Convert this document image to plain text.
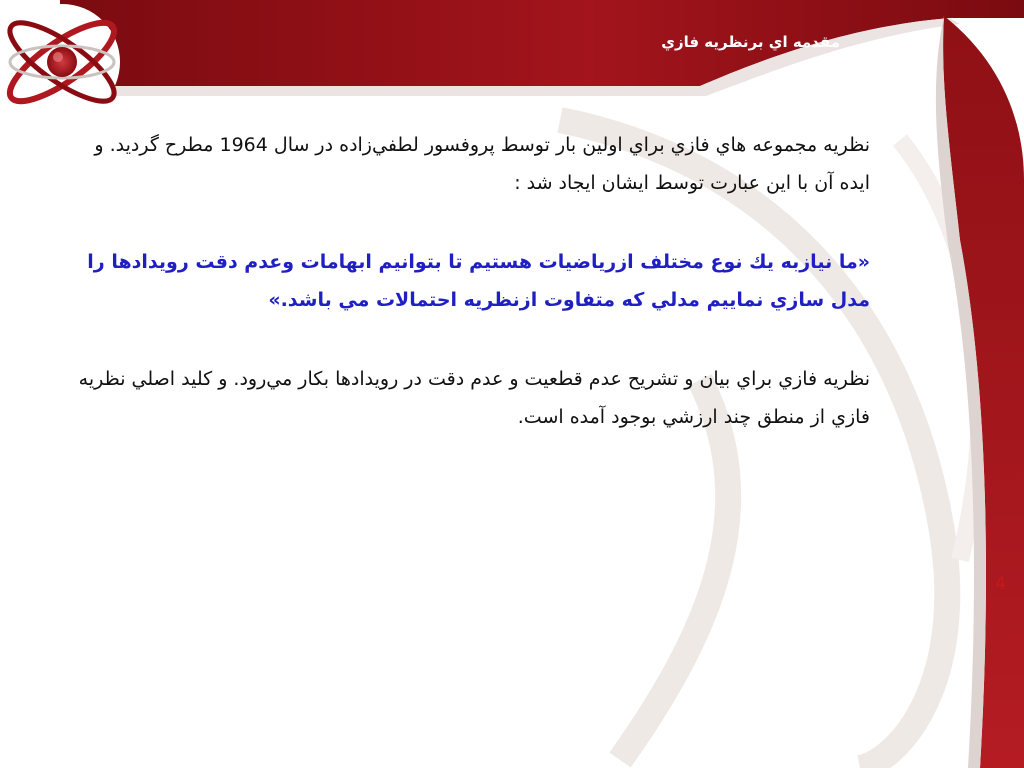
مقدمه اي برنظريه فازي

نظريه مجموعه هاي فازي براي اولين بار توسط پروفسور لطفي‌زاده در سال 1964 مطرح گرديد. و ايده آن با اين عبارت توسط ايشان ايجاد شد :

«ما نيازبه يك نوع مختلف ازرياضيات هستيم تا بتوانيم ابهامات وعدم دقت رويدادها را مدل سازي نماييم مدلي كه متفاوت ازنظريه احتمالات مي باشد.»

نظريه فازي براي بيان و تشريح عدم قطعيت و عدم دقت در رويدادها بكار مي‌رود. و كليد اصلي نظريه فازي از منطق چند ارزشي بوجود آمده است.

4
